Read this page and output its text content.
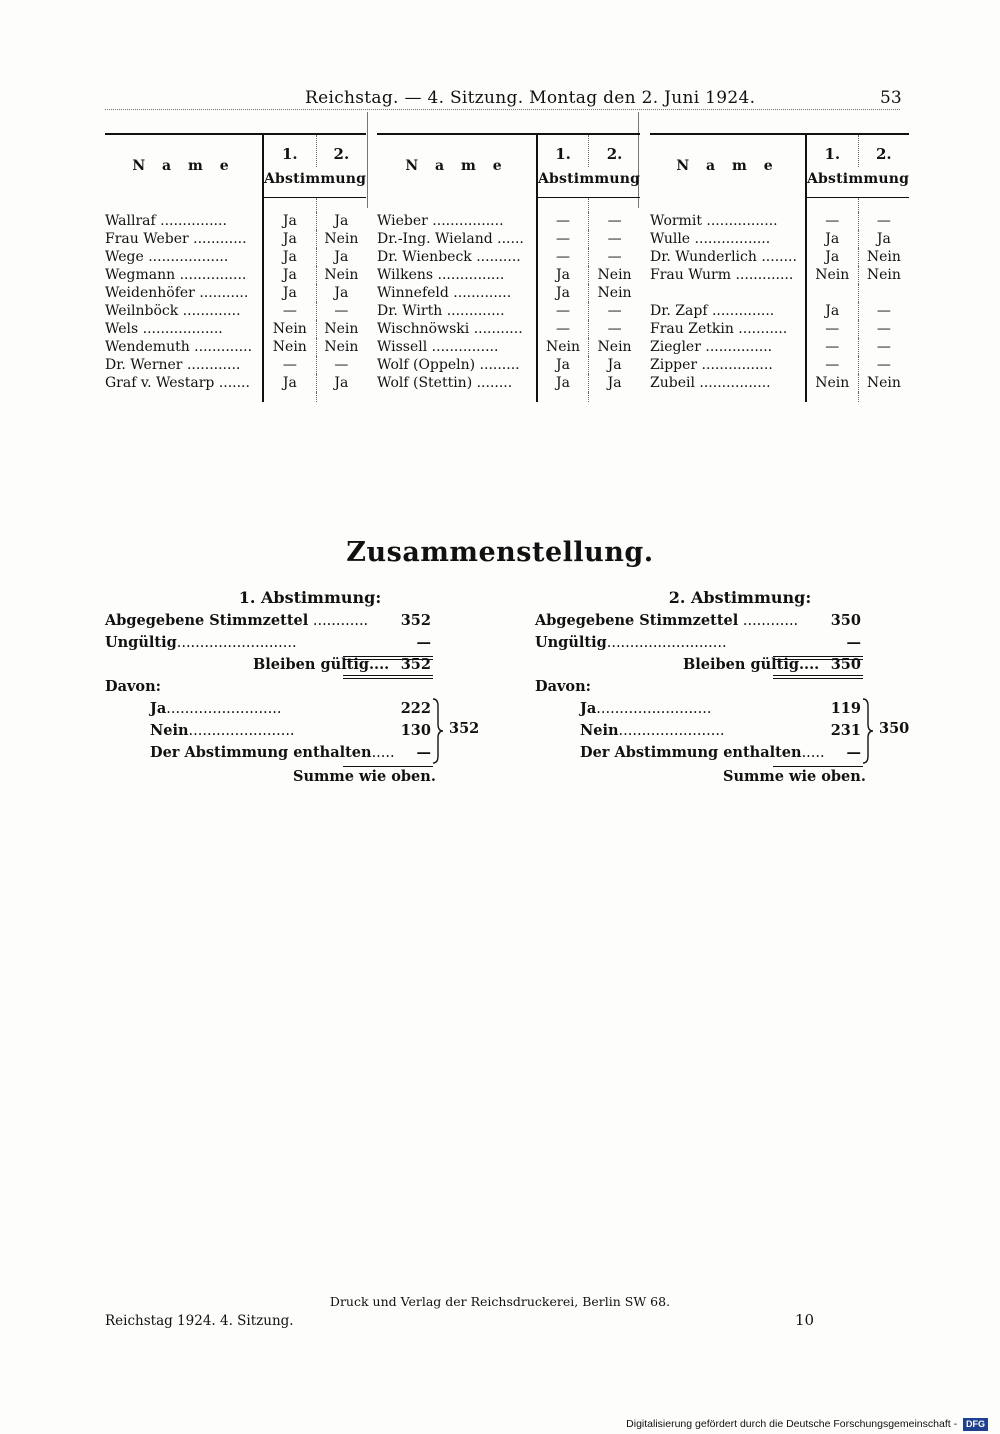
Reichstag. — 4. Sitzung. Montag den 2. Juni 1924.	53
N a m e	1.	2.
	Abstimmung	

Wallraf ...............	Ja	Ja
Frau Weber ............	Ja	Nein
Wege ..................	Ja	Ja
Wegmann ...............	Ja	Nein
Weidenhöfer ...........	Ja	Ja
Weilnböck .............	—	—
Wels ..................	Nein	Nein
Wendemuth .............	Nein	Nein
Dr. Werner ............	—	—
Graf v. Westarp .......	Ja	Ja

N a m e	1.	2.
	Abstimmung	

Wieber ................	—	—
Dr.-Ing. Wieland ......	—	—
Dr. Wienbeck ..........	—	—
Wilkens ...............	Ja	Nein
Winnefeld .............	Ja	Nein
Dr. Wirth .............	—	—
Wischnöwski ...........	—	—
Wissell ...............	Nein	Nein
Wolf (Oppeln) .........	Ja	Ja
Wolf (Stettin) ........	Ja	Ja

N a m e	1.	2.
	Abstimmung	

Wormit ................	—	—
Wulle .................	Ja	Ja
Dr. Wunderlich ........	Ja	Nein
Frau Wurm .............	Nein	Nein

Dr. Zapf ..............	Ja	—
Frau Zetkin ...........	—	—
Ziegler ...............	—	—
Zipper ................	—	—
Zubeil ................	Nein	Nein

Zusammenstellung.
1. Abstimmung:
Abgegebene Stimmzettel ............ 352
Ungültig..........................	—
Bleiben gültig.... 352
Davon:
Ja.........................	222
Nein.......................	130
Der Abstimmung enthalten.....	—
352
Summe wie oben.
2. Abstimmung:
Abgegebene Stimmzettel ............ 350
Ungültig..........................	—
Bleiben gültig.... 350
Davon:
Ja.........................	119
Nein.......................	231
Der Abstimmung enthalten.....	—
350
Summe wie oben.
Druck und Verlag der Reichsdruckerei, Berlin SW 68.
Reichstag 1924. 4. Sitzung.	10
Digitalisierung gefördert durch die Deutsche Forschungsgemeinschaft - DFG
